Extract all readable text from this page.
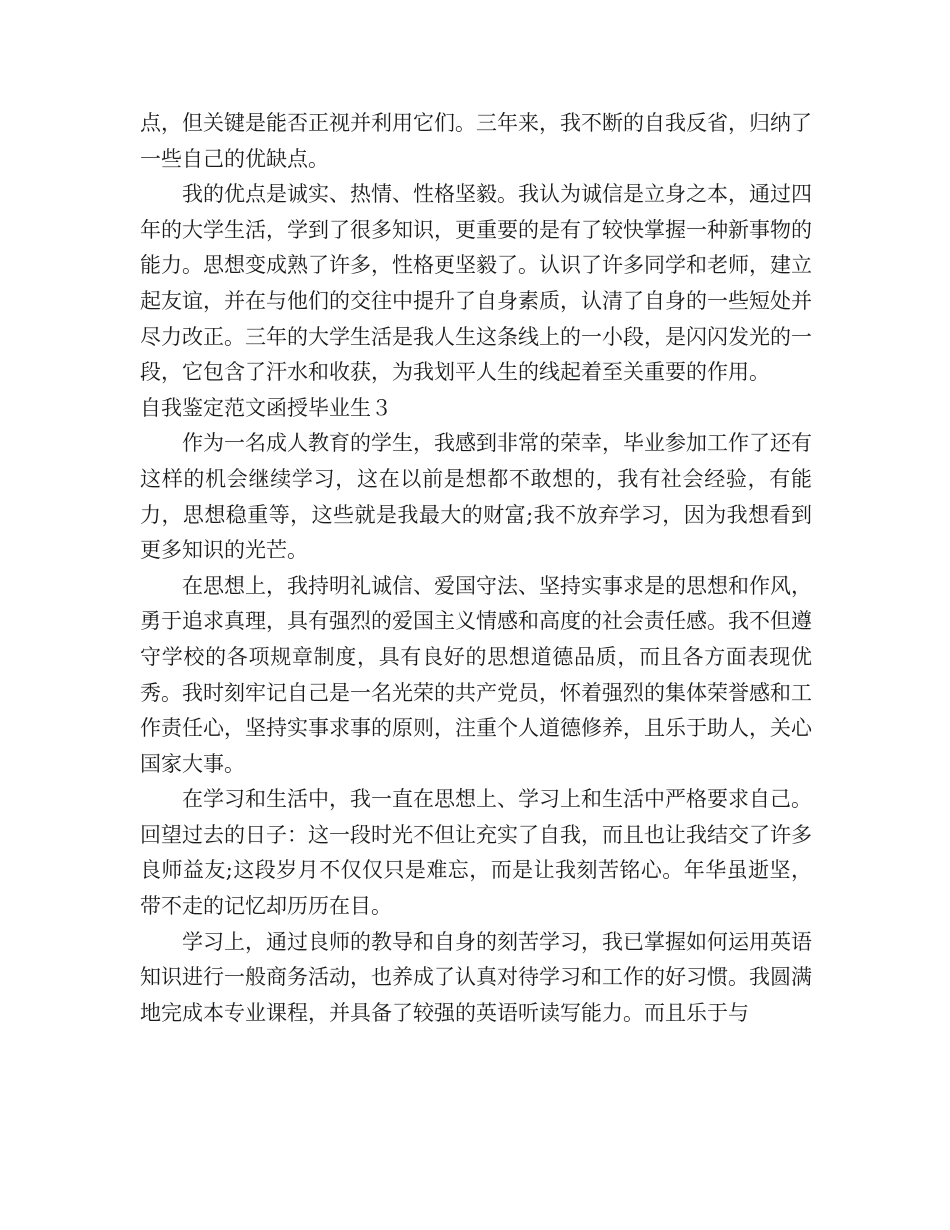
点，但关键是能否正视并利用它们。三年来，我不断的自我反省，归纳了一些自己的优缺点。

我的优点是诚实、热情、性格坚毅。我认为诚信是立身之本，通过四年的大学生活，学到了很多知识，更重要的是有了较快掌握一种新事物的能力。思想变成熟了许多，性格更坚毅了。认识了许多同学和老师，建立起友谊，并在与他们的交往中提升了自身素质，认清了自身的一些短处并尽力改正。三年的大学生活是我人生这条线上的一小段，是闪闪发光的一段，它包含了汗水和收获，为我划平人生的线起着至关重要的作用。

自我鉴定范文函授毕业生３

作为一名成人教育的学生，我感到非常的荣幸，毕业参加工作了还有这样的机会继续学习，这在以前是想都不敢想的，我有社会经验，有能力，思想稳重等，这些就是我最大的财富;我不放弃学习，因为我想看到更多知识的光芒。

在思想上，我持明礼诚信、爱国守法、坚持实事求是的思想和作风，勇于追求真理，具有强烈的爱国主义情感和高度的社会责任感。我不但遵守学校的各项规章制度，具有良好的思想道德品质，而且各方面表现优秀。我时刻牢记自己是一名光荣的共产党员，怀着强烈的集体荣誉感和工作责任心，坚持实事求事的原则，注重个人道德修养，且乐于助人，关心国家大事。

在学习和生活中，我一直在思想上、学习上和生活中严格要求自己。回望过去的日子：这一段时光不但让充实了自我，而且也让我结交了许多良师益友;这段岁月不仅仅只是难忘，而是让我刻苦铭心。年华虽逝坚，带不走的记忆却历历在目。

学习上，通过良师的教导和自身的刻苦学习，我已掌握如何运用英语知识进行一般商务活动，也养成了认真对待学习和工作的好习惯。我圆满地完成本专业课程，并具备了较强的英语听读写能力。而且乐于与
